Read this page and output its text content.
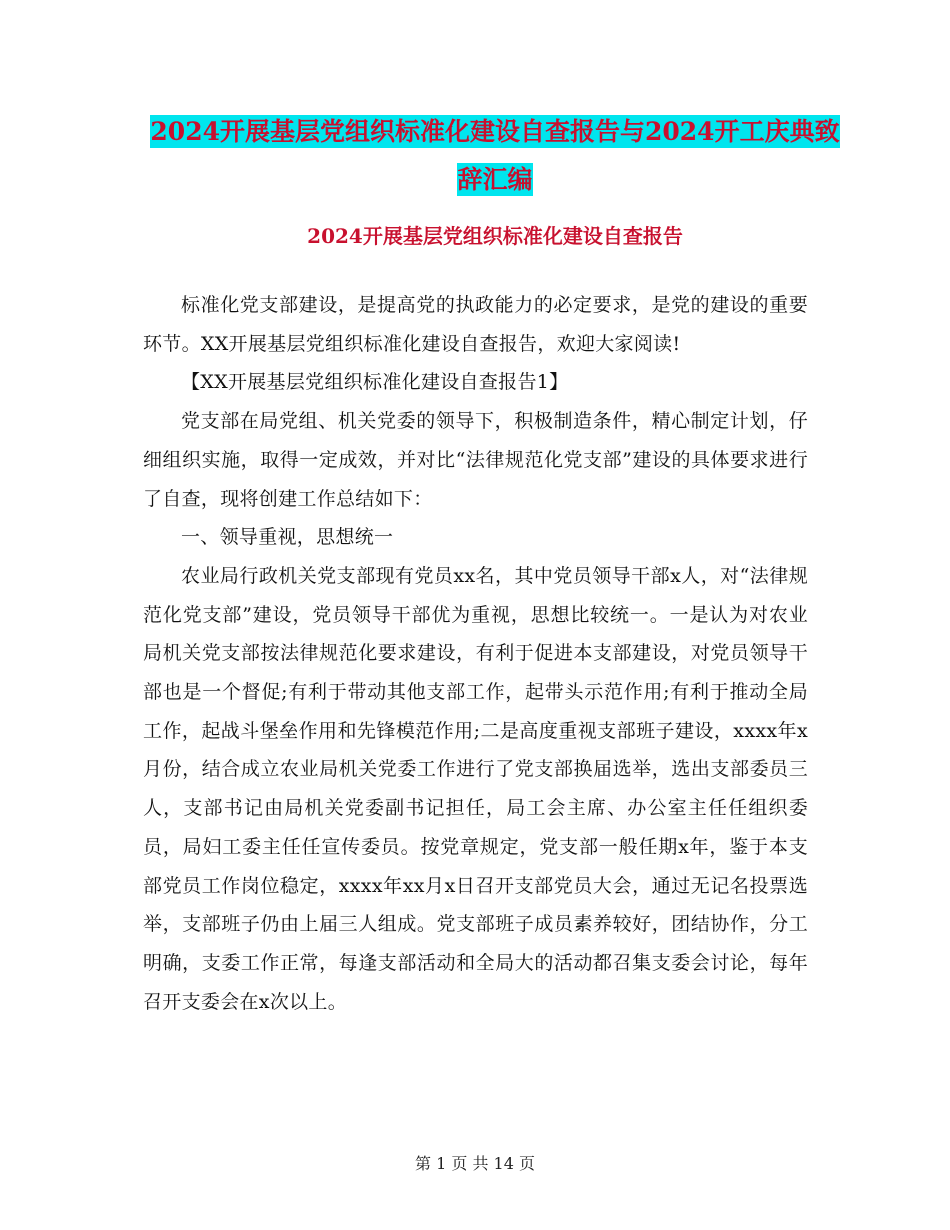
2024开展基层党组织标准化建设自查报告与2024开工庆典致辞汇编
2024开展基层党组织标准化建设自查报告

标准化党支部建设，是提高党的执政能力的必定要求，是党的建设的重要环节。XX开展基层党组织标准化建设自查报告，欢迎大家阅读!

【XX开展基层党组织标准化建设自查报告1】

党支部在局党组、机关党委的领导下，积极制造条件，精心制定计划，仔细组织实施，取得一定成效，并对比“法律规范化党支部”建设的具体要求进行了自查，现将创建工作总结如下：

一、领导重视，思想统一

农业局行政机关党支部现有党员xx名，其中党员领导干部x人，对“法律规范化党支部”建设，党员领导干部优为重视，思想比较统一。一是认为对农业局机关党支部按法律规范化要求建设，有利于促进本支部建设，对党员领导干部也是一个督促;有利于带动其他支部工作，起带头示范作用;有利于推动全局工作，起战斗堡垒作用和先锋模范作用;二是高度重视支部班子建设，xxxx年x月份，结合成立农业局机关党委工作进行了党支部换届选举，选出支部委员三人，支部书记由局机关党委副书记担任，局工会主席、办公室主任任组织委员，局妇工委主任任宣传委员。按党章规定，党支部一般任期x年，鉴于本支部党员工作岗位稳定，xxxx年xx月x日召开支部党员大会，通过无记名投票选举，支部班子仍由上届三人组成。党支部班子成员素养较好，团结协作，分工明确，支委工作正常，每逢支部活动和全局大的活动都召集支委会讨论，每年召开支委会在x次以上。

第 1 页 共 14 页
